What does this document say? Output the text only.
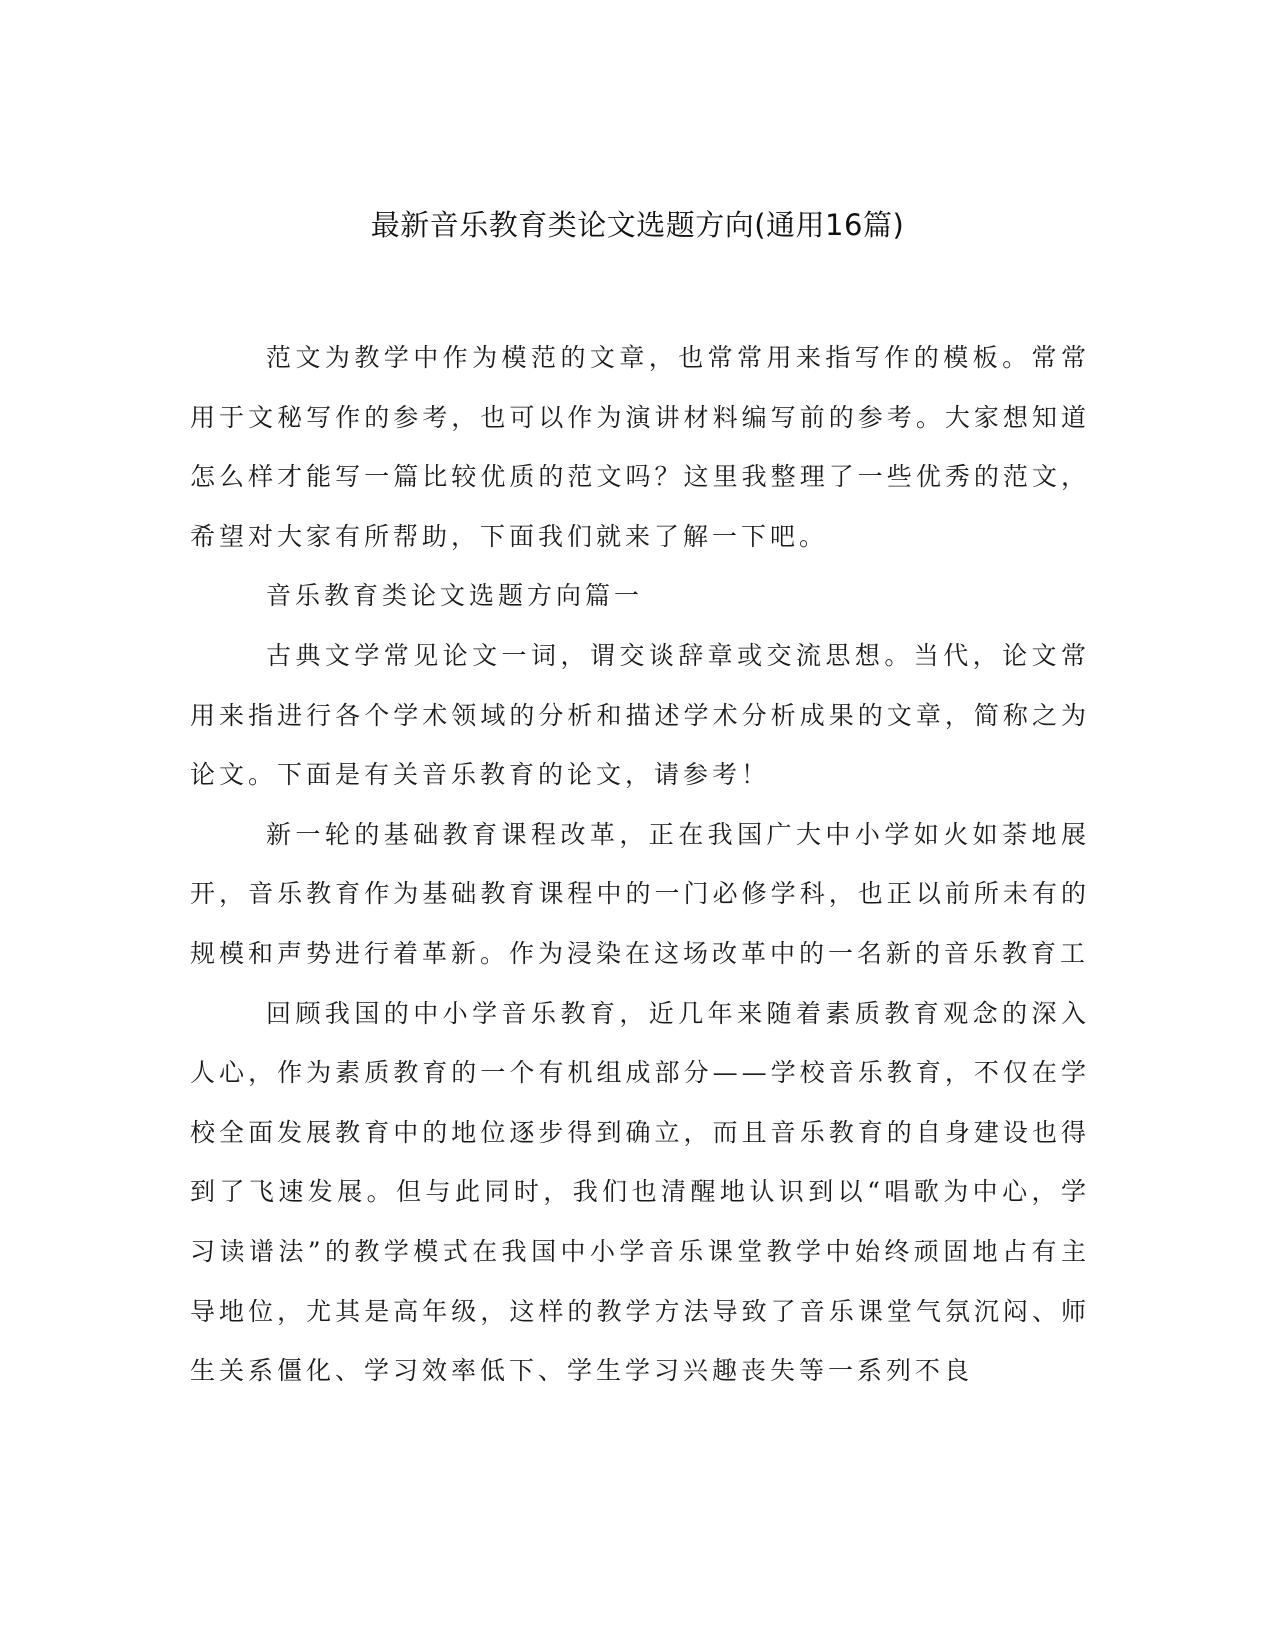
最新音乐教育类论文选题方向(通用16篇)

范文为教学中作为模范的文章，也常常用来指写作的模板。常常用于文秘写作的参考，也可以作为演讲材料编写前的参考。大家想知道怎么样才能写一篇比较优质的范文吗？这里我整理了一些优秀的范文，希望对大家有所帮助，下面我们就来了解一下吧。

音乐教育类论文选题方向篇一

古典文学常见论文一词，谓交谈辞章或交流思想。当代，论文常用来指进行各个学术领域的分析和描述学术分析成果的文章，简称之为论文。下面是有关音乐教育的论文，请参考！

新一轮的基础教育课程改革，正在我国广大中小学如火如荼地展开，音乐教育作为基础教育课程中的一门必修学科，也正以前所未有的规模和声势进行着革新。作为浸染在这场改革中的一名新的音乐教育工

回顾我国的中小学音乐教育，近几年来随着素质教育观念的深入人心，作为素质教育的一个有机组成部分——学校音乐教育，不仅在学校全面发展教育中的地位逐步得到确立，而且音乐教育的自身建设也得到了飞速发展。但与此同时，我们也清醒地认识到以“唱歌为中心，学习读谱法”的教学模式在我国中小学音乐课堂教学中始终顽固地占有主导地位，尤其是高年级，这样的教学方法导致了音乐课堂气氛沉闷、师生关系僵化、学习效率低下、学生学习兴趣丧失等一系列不良
